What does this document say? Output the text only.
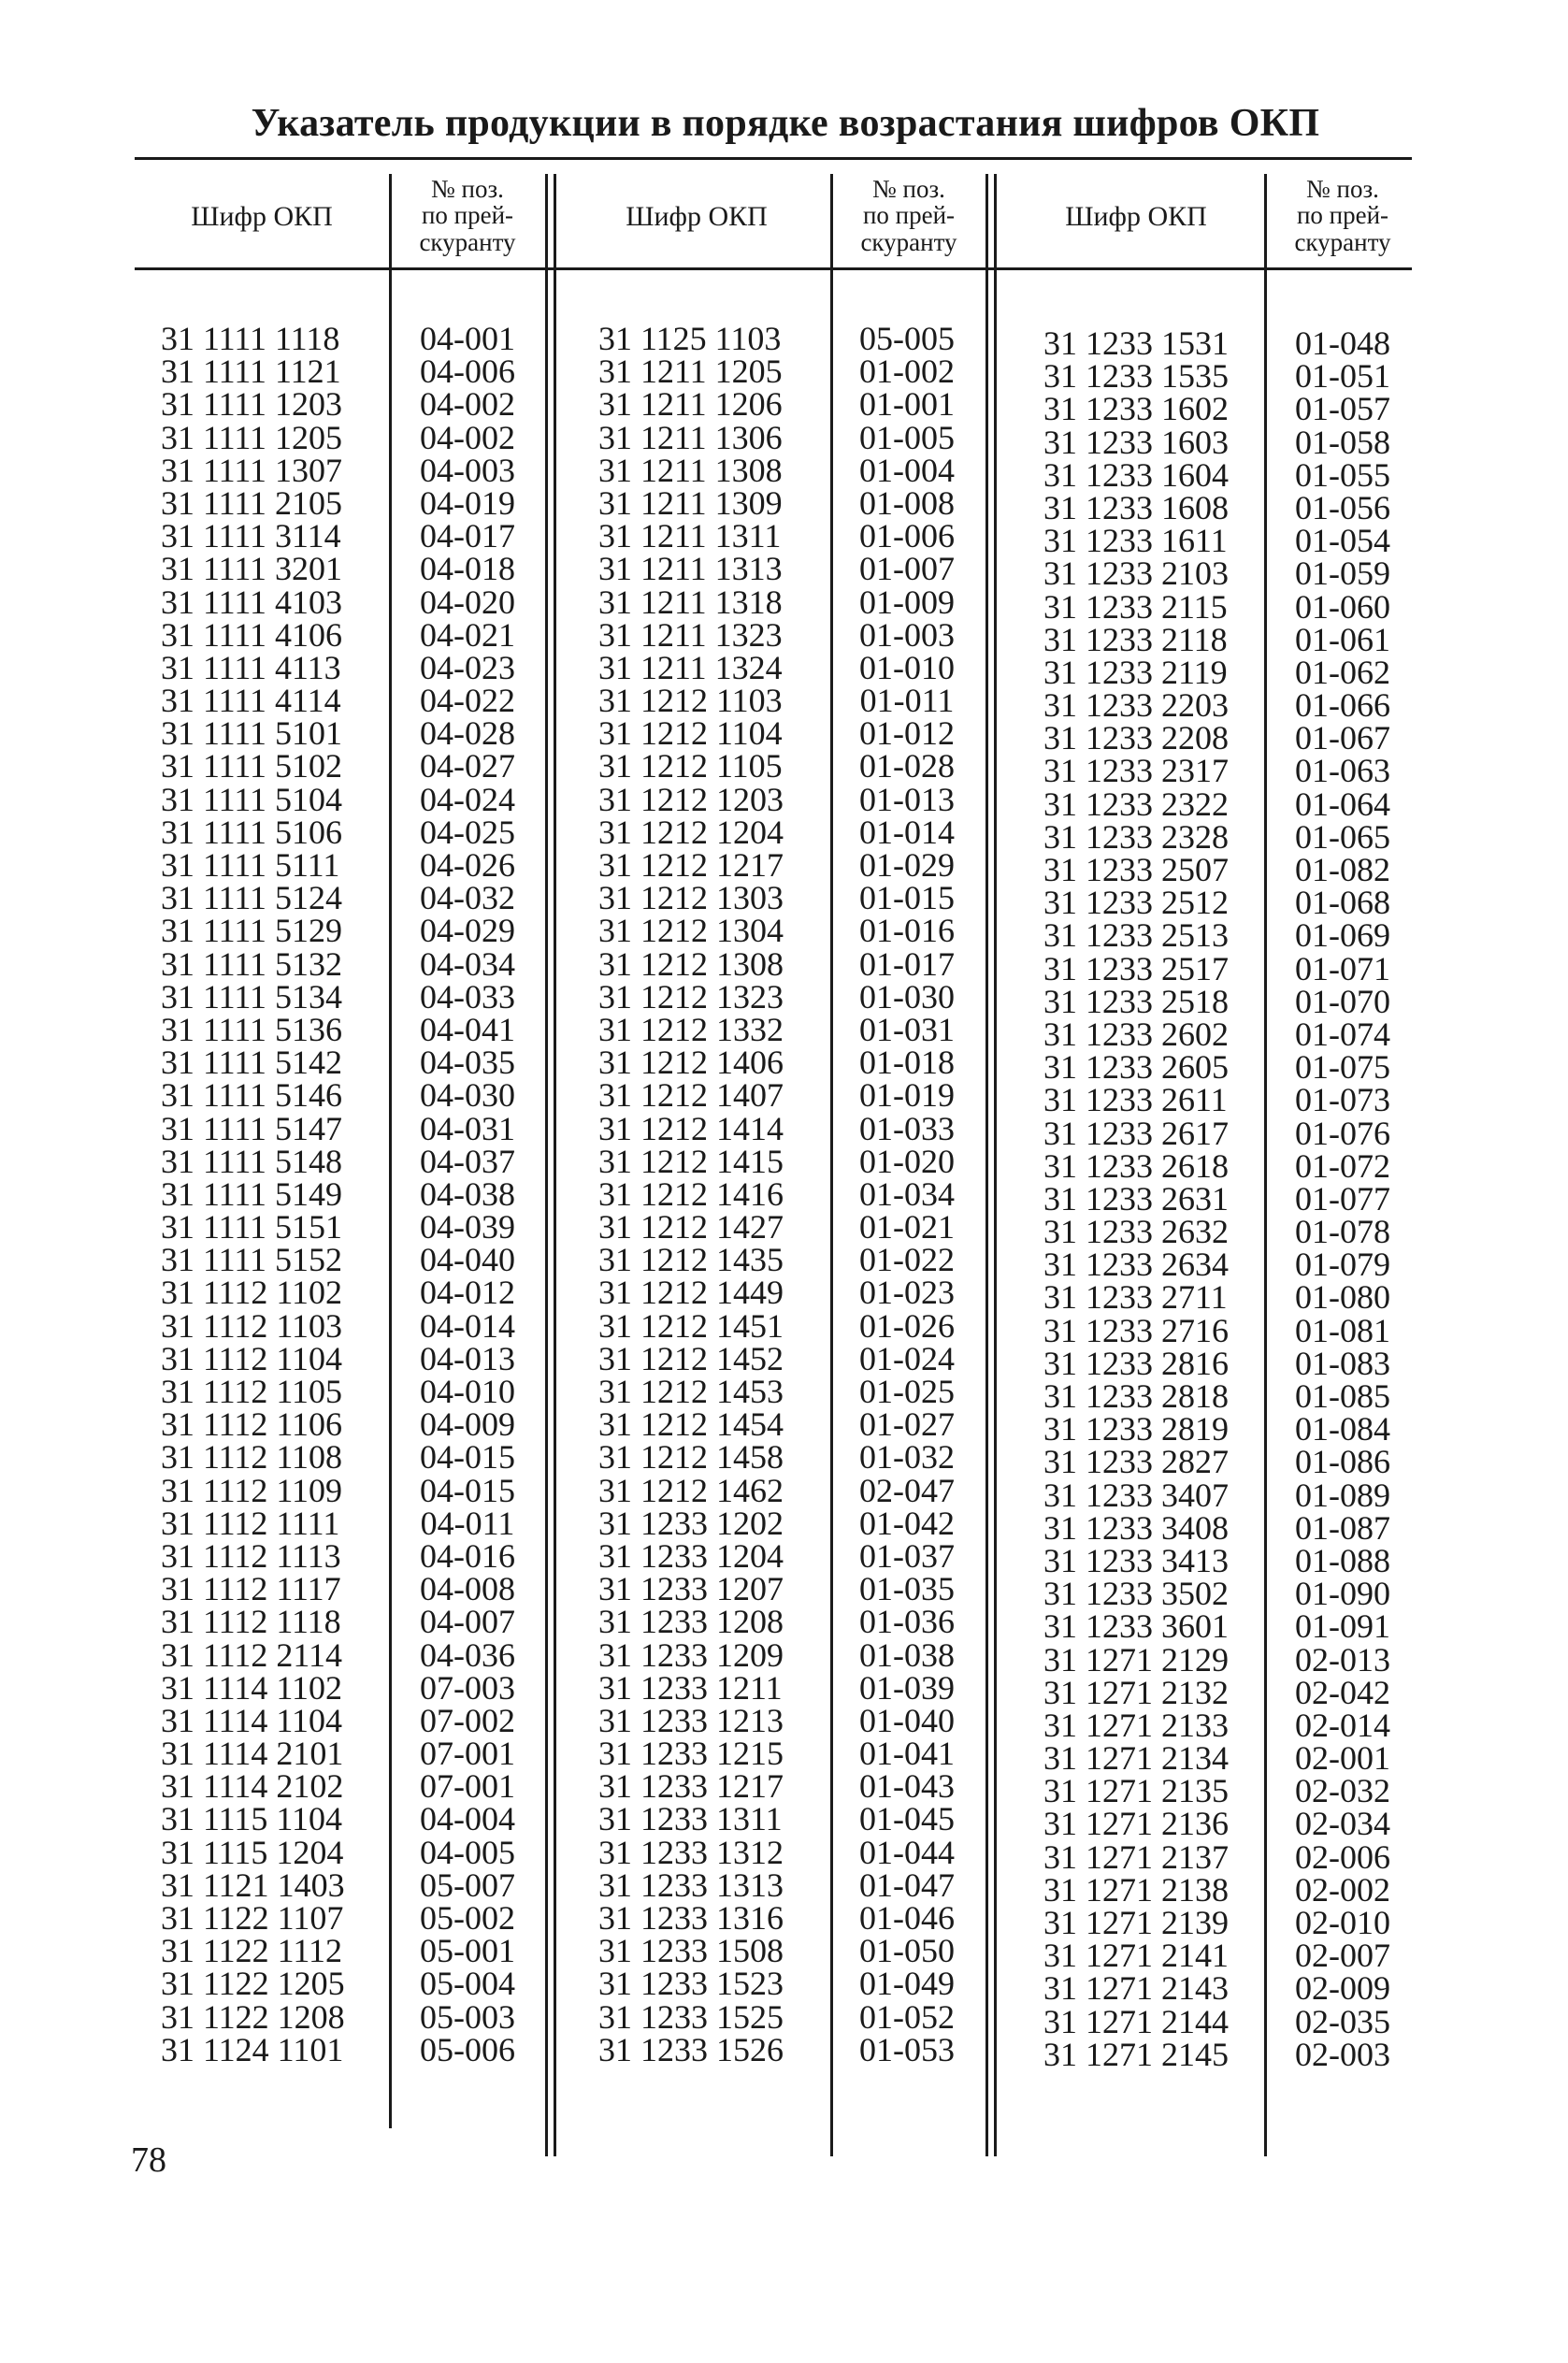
Указатель продукции в порядке возрастания шифров ОКП
Шифр ОКП
№ поз.
по прей-
скуранту
Шифр ОКП
№ поз.
по прей-
скуранту
Шифр ОКП
№ поз.
по прей-
скуранту
31 1111 1118
31 1111 1121
31 1111 1203
31 1111 1205
31 1111 1307
31 1111 2105
31 1111 3114
31 1111 3201
31 1111 4103
31 1111 4106
31 1111 4113
31 1111 4114
31 1111 5101
31 1111 5102
31 1111 5104
31 1111 5106
31 1111 5111
31 1111 5124
31 1111 5129
31 1111 5132
31 1111 5134
31 1111 5136
31 1111 5142
31 1111 5146
31 1111 5147
31 1111 5148
31 1111 5149
31 1111 5151
31 1111 5152
31 1112 1102
31 1112 1103
31 1112 1104
31 1112 1105
31 1112 1106
31 1112 1108
31 1112 1109
31 1112 1111
31 1112 1113
31 1112 1117
31 1112 1118
31 1112 2114
31 1114 1102
31 1114 1104
31 1114 2101
31 1114 2102
31 1115 1104
31 1115 1204
31 1121 1403
31 1122 1107
31 1122 1112
31 1122 1205
31 1122 1208
31 1124 1101
04-001
04-006
04-002
04-002
04-003
04-019
04-017
04-018
04-020
04-021
04-023
04-022
04-028
04-027
04-024
04-025
04-026
04-032
04-029
04-034
04-033
04-041
04-035
04-030
04-031
04-037
04-038
04-039
04-040
04-012
04-014
04-013
04-010
04-009
04-015
04-015
04-011
04-016
04-008
04-007
04-036
07-003
07-002
07-001
07-001
04-004
04-005
05-007
05-002
05-001
05-004
05-003
05-006
31 1125 1103
31 1211 1205
31 1211 1206
31 1211 1306
31 1211 1308
31 1211 1309
31 1211 1311
31 1211 1313
31 1211 1318
31 1211 1323
31 1211 1324
31 1212 1103
31 1212 1104
31 1212 1105
31 1212 1203
31 1212 1204
31 1212 1217
31 1212 1303
31 1212 1304
31 1212 1308
31 1212 1323
31 1212 1332
31 1212 1406
31 1212 1407
31 1212 1414
31 1212 1415
31 1212 1416
31 1212 1427
31 1212 1435
31 1212 1449
31 1212 1451
31 1212 1452
31 1212 1453
31 1212 1454
31 1212 1458
31 1212 1462
31 1233 1202
31 1233 1204
31 1233 1207
31 1233 1208
31 1233 1209
31 1233 1211
31 1233 1213
31 1233 1215
31 1233 1217
31 1233 1311
31 1233 1312
31 1233 1313
31 1233 1316
31 1233 1508
31 1233 1523
31 1233 1525
31 1233 1526
05-005
01-002
01-001
01-005
01-004
01-008
01-006
01-007
01-009
01-003
01-010
01-011
01-012
01-028
01-013
01-014
01-029
01-015
01-016
01-017
01-030
01-031
01-018
01-019
01-033
01-020
01-034
01-021
01-022
01-023
01-026
01-024
01-025
01-027
01-032
02-047
01-042
01-037
01-035
01-036
01-038
01-039
01-040
01-041
01-043
01-045
01-044
01-047
01-046
01-050
01-049
01-052
01-053
31 1233 1531
31 1233 1535
31 1233 1602
31 1233 1603
31 1233 1604
31 1233 1608
31 1233 1611
31 1233 2103
31 1233 2115
31 1233 2118
31 1233 2119
31 1233 2203
31 1233 2208
31 1233 2317
31 1233 2322
31 1233 2328
31 1233 2507
31 1233 2512
31 1233 2513
31 1233 2517
31 1233 2518
31 1233 2602
31 1233 2605
31 1233 2611
31 1233 2617
31 1233 2618
31 1233 2631
31 1233 2632
31 1233 2634
31 1233 2711
31 1233 2716
31 1233 2816
31 1233 2818
31 1233 2819
31 1233 2827
31 1233 3407
31 1233 3408
31 1233 3413
31 1233 3502
31 1233 3601
31 1271 2129
31 1271 2132
31 1271 2133
31 1271 2134
31 1271 2135
31 1271 2136
31 1271 2137
31 1271 2138
31 1271 2139
31 1271 2141
31 1271 2143
31 1271 2144
31 1271 2145
01-048
01-051
01-057
01-058
01-055
01-056
01-054
01-059
01-060
01-061
01-062
01-066
01-067
01-063
01-064
01-065
01-082
01-068
01-069
01-071
01-070
01-074
01-075
01-073
01-076
01-072
01-077
01-078
01-079
01-080
01-081
01-083
01-085
01-084
01-086
01-089
01-087
01-088
01-090
01-091
02-013
02-042
02-014
02-001
02-032
02-034
02-006
02-002
02-010
02-007
02-009
02-035
02-003
78
